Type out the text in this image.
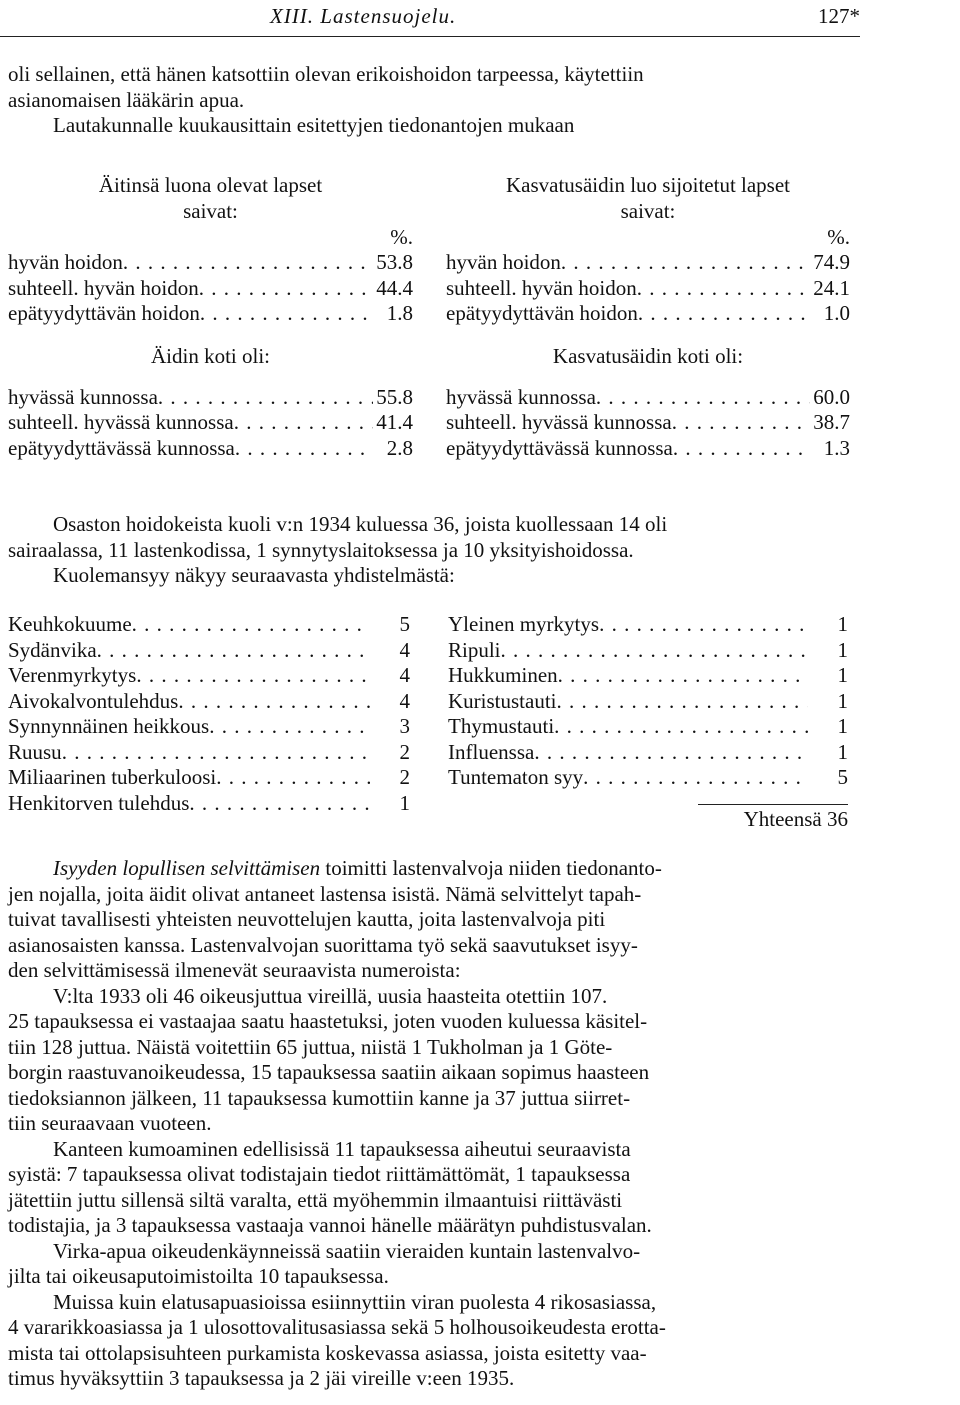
XIII. Lastensuojelu.	127*
oli sellainen, että hänen katsottiin olevan erikoishoidon tarpeessa, käytettiin
asianomaisen lääkärin apua.
Lautakunnalle kuukausittain esitettyjen tiedonantojen mukaan
Äitinsä luona olevat lapset
saivat:
%.
hyvän hoidon . . .	53.8
suhteell. hyvän hoidon . . .	44.4
epätyydyttävän hoidon . . .	1.8
Äidin koti oli:
hyvässä kunnossa . . .	55.8
suhteell. hyvässä kunnossa . . .	41.4
epätyydyttävässä kunnossa . . .	2.8
Kasvatusäidin luo sijoitetut lapset
saivat:
%.
hyvän hoidon . . .	74.9
suhteell. hyvän hoidon . . .	24.1
epätyydyttävän hoidon . . .	1.0
Kasvatusäidin koti oli:
hyvässä kunnossa . . .	60.0
suhteell. hyvässä kunnossa . . .	38.7
epätyydyttävässä kunnossa . . .	1.3
Osaston hoidokeista kuoli v:n 1934 kuluessa 36, joista kuollessaan 14 oli
sairaalassa, 11 lastenkodissa, 1 synnytyslaitoksessa ja 10 yksityishoidossa.
Kuolemansyy näkyy seuraavasta yhdistelmästä:
Keuhkokuume . . .	5
Sydänvika . . .	4
Verenmyrkytys . . .	4
Aivokalvontulehdus . . .	4
Synnynnäinen heikkous . . .	3
Ruusu . . .	2
Miliaarinen tuberkuloosi . . .	2
Henkitorven tulehdus . . .	1
Yleinen myrkytys . . .	1
Ripuli . . .	1
Hukkuminen . . .	1
Kuristustauti . . .	1
Thymustauti . . .	1
Influenssa . . .	1
Tuntematon syy . . .	5
Yhteensä 36
Isyyden lopullisen selvittämisen toimitti lastenvalvoja niiden tiedonanto-
jen nojalla, joita äidit olivat antaneet lastensa isistä. Nämä selvittelyt tapah-
tuivat tavallisesti yhteisten neuvottelujen kautta, joita lastenvalvoja piti
asianosaisten kanssa. Lastenvalvojan suorittama työ sekä saavutukset isyy-
den selvittämisessä ilmenevät seuraavista numeroista:
V:lta 1933 oli 46 oikeusjuttua vireillä, uusia haasteita otettiin 107.
25 tapauksessa ei vastaajaa saatu haastetuksi, joten vuoden kuluessa käsitel-
tiin 128 juttua. Näistä voitettiin 65 juttua, niistä 1 Tukholman ja 1 Göte-
borgin raastuvanoikeudessa, 15 tapauksessa saatiin aikaan sopimus haasteen
tiedoksiannon jälkeen, 11 tapauksessa kumottiin kanne ja 37 juttua siirret-
tiin seuraavaan vuoteen.
Kanteen kumoaminen edellisissä 11 tapauksessa aiheutui seuraavista
syistä: 7 tapauksessa olivat todistajain tiedot riittämättömät, 1 tapauksessa
jätettiin juttu sillensä siltä varalta, että myöhemmin ilmaantuisi riittävästi
todistajia, ja 3 tapauksessa vastaaja vannoi hänelle määrätyn puhdistusvalan.
Virka-apua oikeudenkäynneissä saatiin vieraiden kuntain lastenvalvo-
jilta tai oikeusaputoimistoilta 10 tapauksessa.
Muissa kuin elatusapuasioissa esiinnyttiin viran puolesta 4 rikosasiassa,
4 vararikkoasiassa ja 1 ulosottovalitusasiassa sekä 5 holhousoikeudesta erotta-
mista tai ottolapsisuhteen purkamista koskevassa asiassa, joista esitetty vaa-
timus hyväksyttiin 3 tapauksessa ja 2 jäi vireille v:een 1935.
